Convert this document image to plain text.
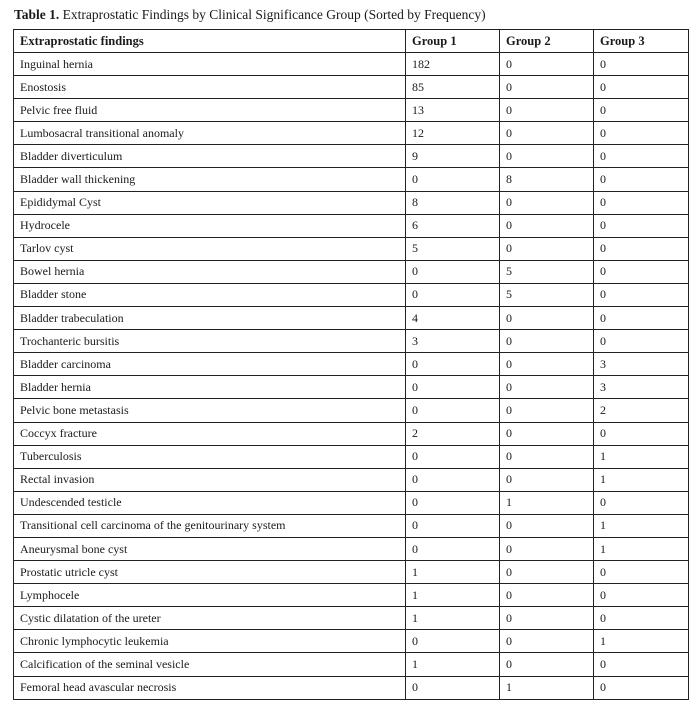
Table 1. Extraprostatic Findings by Clinical Significance Group (Sorted by Frequency)
Extraprostatic findings	Group 1	Group 2	Group 3
Inguinal hernia	182	0	0
Enostosis	85	0	0
Pelvic free fluid	13	0	0
Lumbosacral transitional anomaly	12	0	0
Bladder diverticulum	9	0	0
Bladder wall thickening	0	8	0
Epididymal Cyst	8	0	0
Hydrocele	6	0	0
Tarlov cyst	5	0	0
Bowel hernia	0	5	0
Bladder stone	0	5	0
Bladder trabeculation	4	0	0
Trochanteric bursitis	3	0	0
Bladder carcinoma	0	0	3
Bladder hernia	0	0	3
Pelvic bone metastasis	0	0	2
Coccyx fracture	2	0	0
Tuberculosis	0	0	1
Rectal invasion	0	0	1
Undescended testicle	0	1	0
Transitional cell carcinoma of the genitourinary system	0	0	1
Aneurysmal bone cyst	0	0	1
Prostatic utricle cyst	1	0	0
Lymphocele	1	0	0
Cystic dilatation of the ureter	1	0	0
Chronic lymphocytic leukemia	0	0	1
Calcification of the seminal vesicle	1	0	0
Femoral head avascular necrosis	0	1	0
